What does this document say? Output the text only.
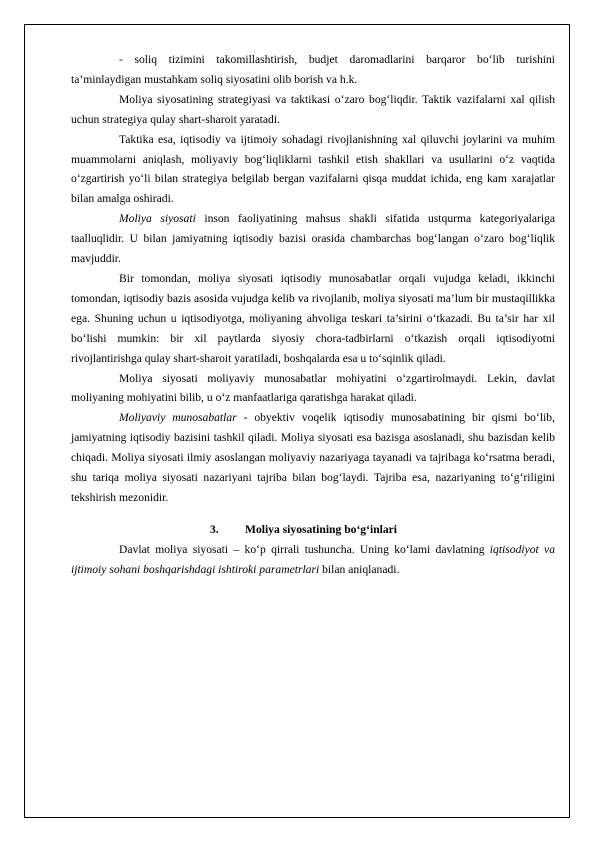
- soliq tizimini takomillashtirish, budjet daromadlarini barqaror bo‘lib turishini ta’minlaydigan mustahkam soliq siyosatini olib borish va h.k.

Moliya siyosatining strategiyasi va taktikasi o‘zaro bog‘liqdir. Taktik vazifalarni xal qilish uchun strategiya qulay shart-sharoit yaratadi.

Taktika esa, iqtisodiy va ijtimoiy sohadagi rivojlanishning xal qiluvchi joylarini va muhim muammolarni aniqlash, moliyaviy bog‘liqliklarni tashkil etish shakllari va usullarini o‘z vaqtida o‘zgartirish yo‘li bilan strategiya belgilab bergan vazifalarni qisqa muddat ichida, eng kam xarajatlar bilan amalga oshiradi.

Moliya siyosati inson faoliyatining mahsus shakli sifatida ustqurma kategoriyalariga taalluqlidir. U bilan jamiyatning iqtisodiy bazisi orasida chambarchas bog‘langan o‘zaro bog‘liqlik mavjuddir.

Bir tomondan, moliya siyosati iqtisodiy munosabatlar orqali vujudga keladi, ikkinchi tomondan, iqtisodiy bazis asosida vujudga kelib va rivojlanib, moliya siyosati ma’lum bir mustaqillikka ega. Shuning uchun u iqtisodiyotga, moliyaning ahvoliga teskari ta’sirini o‘tkazadi. Bu ta’sir har xil bo‘lishi mumkin: bir xil paytlarda siyosiy chora-tadbirlarni o‘tkazish orqali iqtisodiyotni rivojlantirishga qulay shart-sharoit yaratiladi, boshqalarda esa u to‘sqinlik qiladi.

Moliya siyosati moliyaviy munosabatlar mohiyatini o‘zgartirolmaydi. Lekin, davlat moliyaning mohiyatini bilib, u o‘z manfaatlariga qaratishga harakat qiladi.

Moliyaviy munosabatlar - obyektiv voqelik iqtisodiy munosabatining bir qismi bo‘lib, jamiyatning iqtisodiy bazisini tashkil qiladi. Moliya siyosati esa bazisga asoslanadi, shu bazisdan kelib chiqadi. Moliya siyosati ilmiy asoslangan moliyaviy nazariyaga tayanadi va tajribaga ko‘rsatma beradi, shu tariqa moliya siyosati nazariyani tajriba bilan bog‘laydi. Tajriba esa, nazariyaning to‘g‘riligini tekshirish mezonidir.

3. Moliya siyosatining bo‘g‘inlari

Davlat moliya siyosati – ko‘p qirrali tushuncha. Uning ko‘lami davlatning iqtisodiyot va ijtimoiy sohani boshqarishdagi ishtiroki parametrlari bilan aniqlanadi.
